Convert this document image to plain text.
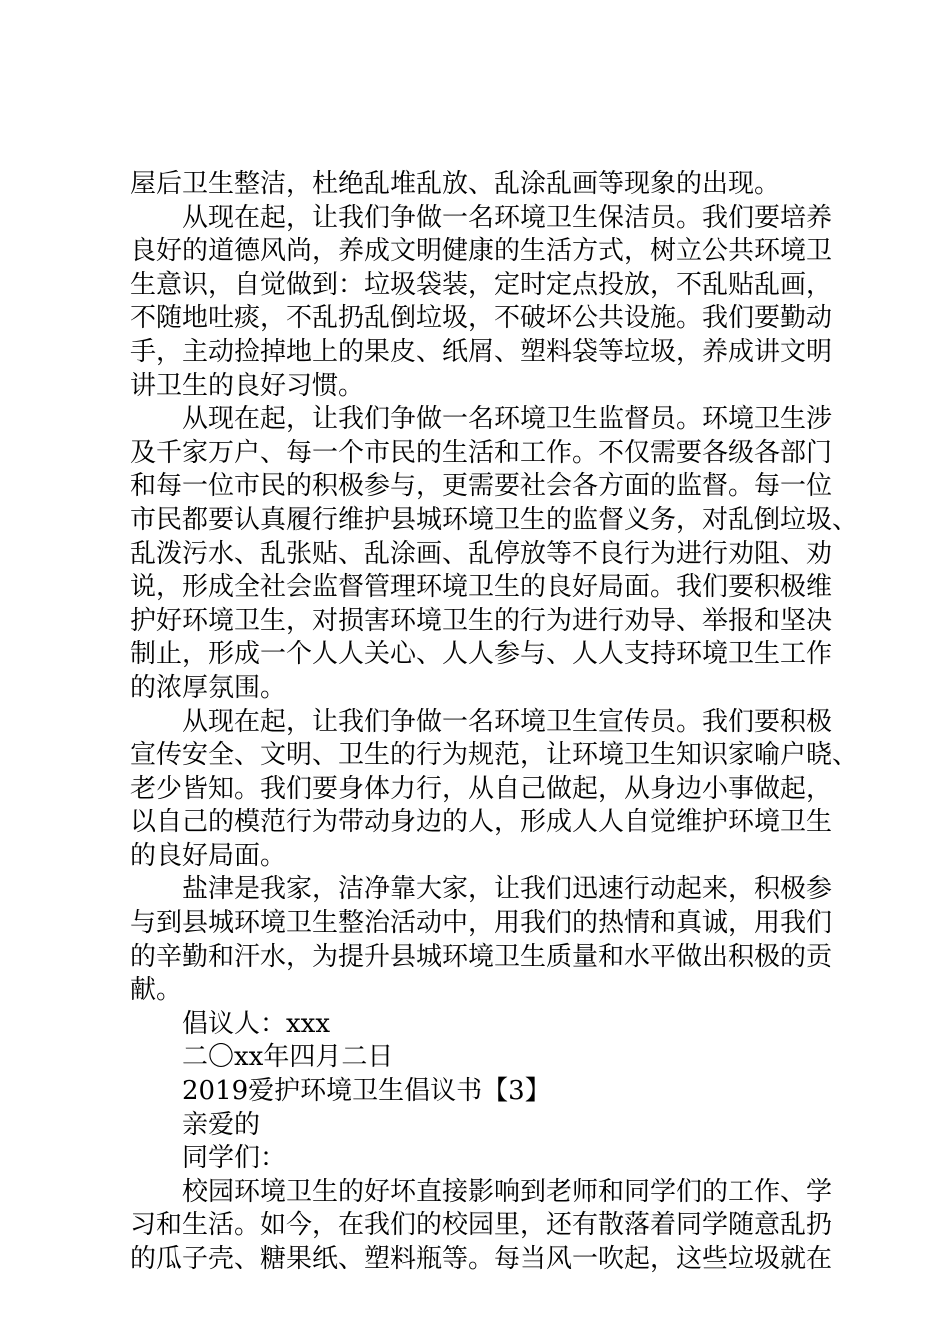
屋后卫生整洁，杜绝乱堆乱放、乱涂乱画等现象的出现。
从现在起，让我们争做一名环境卫生保洁员。我们要培养
良好的道德风尚，养成文明健康的生活方式，树立公共环境卫
生意识，自觉做到：垃圾袋装，定时定点投放，不乱贴乱画，
不随地吐痰，不乱扔乱倒垃圾，不破坏公共设施。我们要勤动
手，主动捡掉地上的果皮、纸屑、塑料袋等垃圾，养成讲文明
讲卫生的良好习惯。
从现在起，让我们争做一名环境卫生监督员。环境卫生涉
及千家万户、每一个市民的生活和工作。不仅需要各级各部门
和每一位市民的积极参与，更需要社会各方面的监督。每一位
市民都要认真履行维护县城环境卫生的监督义务，对乱倒垃圾、
乱泼污水、乱张贴、乱涂画、乱停放等不良行为进行劝阻、劝
说，形成全社会监督管理环境卫生的良好局面。我们要积极维
护好环境卫生，对损害环境卫生的行为进行劝导、举报和坚决
制止，形成一个人人关心、人人参与、人人支持环境卫生工作
的浓厚氛围。
从现在起，让我们争做一名环境卫生宣传员。我们要积极
宣传安全、文明、卫生的行为规范，让环境卫生知识家喻户晓、
老少皆知。我们要身体力行，从自己做起，从身边小事做起，
以自己的模范行为带动身边的人，形成人人自觉维护环境卫生
的良好局面。
盐津是我家，洁净靠大家，让我们迅速行动起来，积极参
与到县城环境卫生整治活动中，用我们的热情和真诚，用我们
的辛勤和汗水，为提升县城环境卫生质量和水平做出积极的贡
献。
倡议人：xxx
二〇xx年四月二日
2019爱护环境卫生倡议书【3】
亲爱的
同学们：
校园环境卫生的好坏直接影响到老师和同学们的工作、学
习和生活。如今，在我们的校园里，还有散落着同学随意乱扔
的瓜子壳、糖果纸、塑料瓶等。每当风一吹起，这些垃圾就在
